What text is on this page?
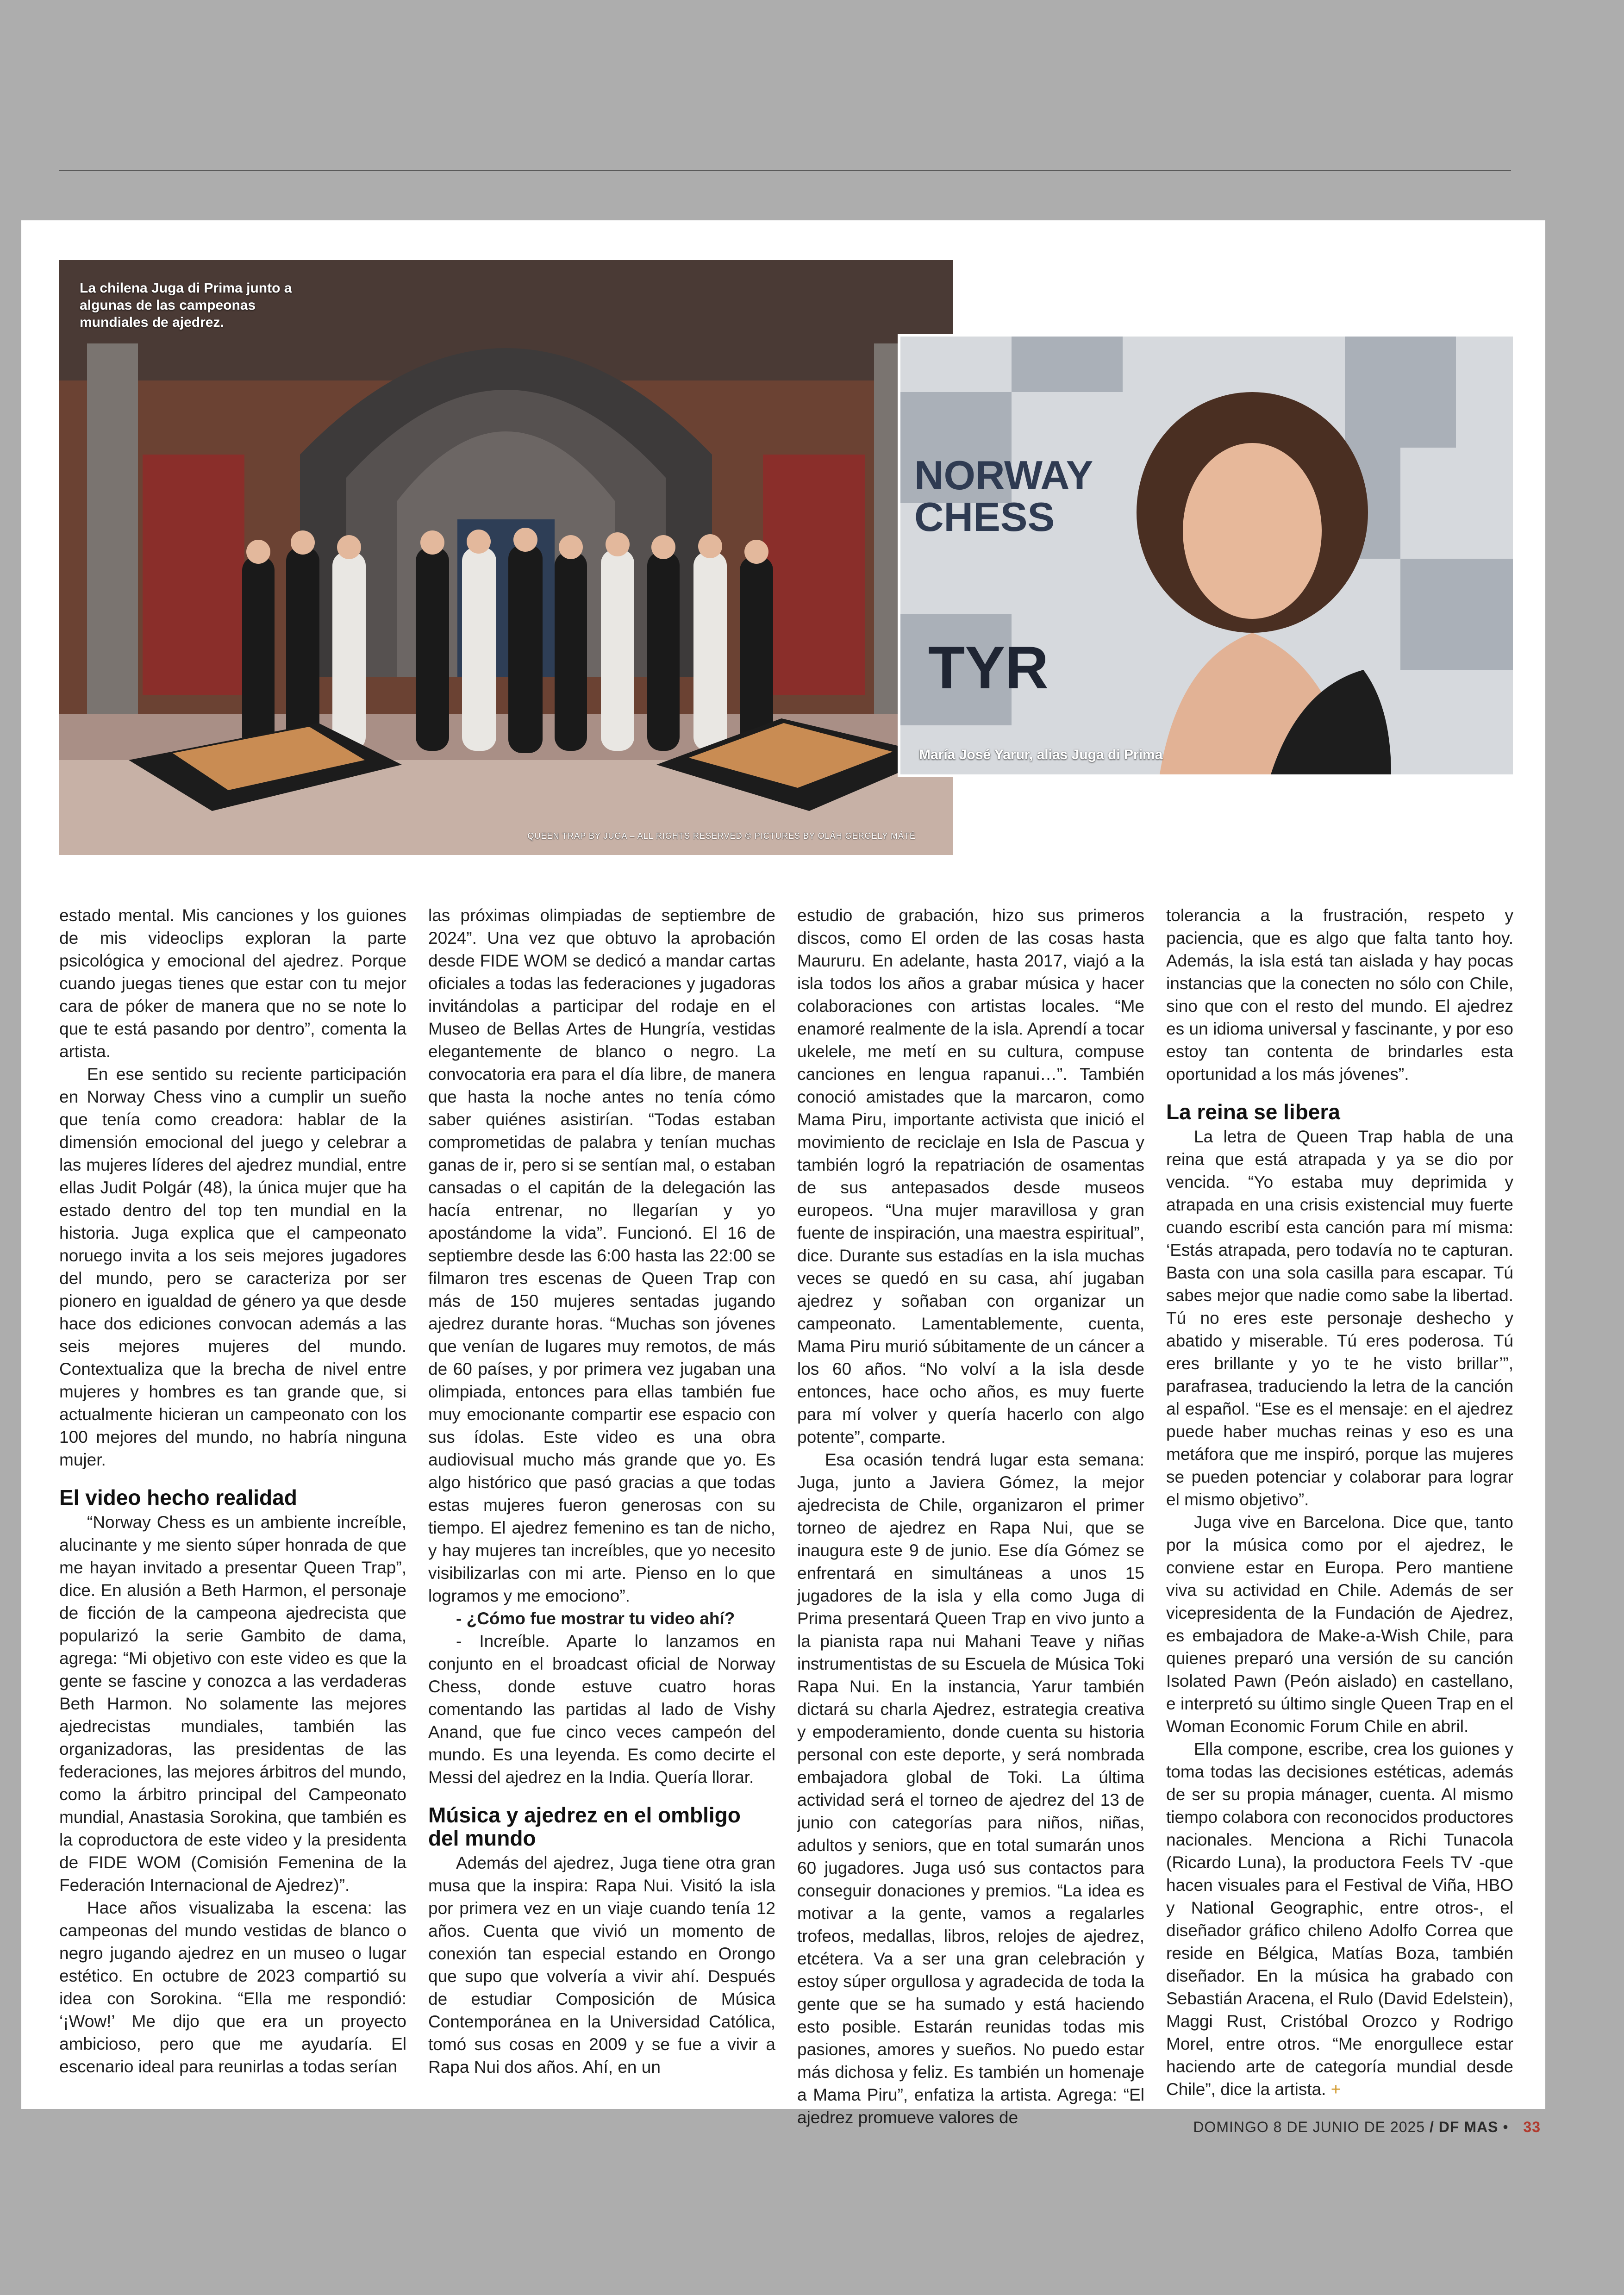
La chilena Juga di Prima junto a algunas de las campeonas mundiales de ajedrez.
QUEEN TRAP BY JUGA – ALL RIGHTS RESERVED © PICTURES BY OLÁH GERGELY MÁTÉ
NORWAY
CHESS
TYR
María José Yarur, alias Juga di Prima

estado mental. Mis canciones y los guiones de mis videoclips exploran la parte psicológica y emocional del ajedrez. Porque cuando juegas tienes que estar con tu mejor cara de póker de manera que no se note lo que te está pasando por dentro”, comenta la artista.

En ese sentido su reciente participación en Norway Chess vino a cumplir un sueño que tenía como creadora: hablar de la dimensión emocional del juego y celebrar a las mujeres líderes del ajedrez mundial, entre ellas Judit Polgár (48), la única mujer que ha estado dentro del top ten mundial en la historia. Juga explica que el campeonato noruego invita a los seis mejores jugadores del mundo, pero se caracteriza por ser pionero en igualdad de género ya que desde hace dos ediciones convocan además a las seis mejores mujeres del mundo. Contextualiza que la brecha de nivel entre mujeres y hombres es tan grande que, si actualmente hicieran un campeonato con los 100 mejores del mundo, no habría ninguna mujer.

El video hecho realidad

“Norway Chess es un ambiente increíble, alucinante y me siento súper honrada de que me hayan invitado a presentar Queen Trap”, dice. En alusión a Beth Harmon, el personaje de ficción de la campeona ajedrecista que popularizó la serie Gambito de dama, agrega: “Mi objetivo con este video es que la gente se fascine y conozca a las verdaderas Beth Harmon. No solamente las mejores ajedrecistas mundiales, también las organizadoras, las presidentas de las federaciones, las mejores árbitros del mundo, como la árbitro principal del Campeonato mundial, Anastasia Sorokina, que también es la coproductora de este video y la presidenta de FIDE WOM (Comisión Femenina de la Federación Internacional de Ajedrez)”.

Hace años visualizaba la escena: las campeonas del mundo vestidas de blanco o negro jugando ajedrez en un museo o lugar estético. En octubre de 2023 compartió su idea con Sorokina. “Ella me respondió: ‘¡Wow!’ Me dijo que era un proyecto ambicioso, pero que me ayudaría. El escenario ideal para reunirlas a todas serían

las próximas olimpiadas de septiembre de 2024”. Una vez que obtuvo la aprobación desde FIDE WOM se dedicó a mandar cartas oficiales a todas las federaciones y jugadoras invitándolas a participar del rodaje en el Museo de Bellas Artes de Hungría, vestidas elegantemente de blanco o negro. La convocatoria era para el día libre, de manera que hasta la noche antes no tenía cómo saber quiénes asistirían. “Todas estaban comprometidas de palabra y tenían muchas ganas de ir, pero si se sentían mal, o estaban cansadas o el capitán de la delegación las hacía entrenar, no llegarían y yo apostándome la vida”. Funcionó. El 16 de septiembre desde las 6:00 hasta las 22:00 se filmaron tres escenas de Queen Trap con más de 150 mujeres sentadas jugando ajedrez durante horas. “Muchas son jóvenes que venían de lugares muy remotos, de más de 60 países, y por primera vez jugaban una olimpiada, entonces para ellas también fue muy emocionante compartir ese espacio con sus ídolas. Este video es una obra audiovisual mucho más grande que yo. Es algo histórico que pasó gracias a que todas estas mujeres fueron generosas con su tiempo. El ajedrez femenino es tan de nicho, y hay mujeres tan increíbles, que yo necesito visibilizarlas con mi arte. Pienso en lo que logramos y me emociono”.

- ¿Cómo fue mostrar tu video ahí?

- Increíble. Aparte lo lanzamos en conjunto en el broadcast oficial de Norway Chess, donde estuve cuatro horas comentando las partidas al lado de Vishy Anand, que fue cinco veces campeón del mundo. Es una leyenda. Es como decirte el Messi del ajedrez en la India. Quería llorar.

Música y ajedrez en el ombligo del mundo

Además del ajedrez, Juga tiene otra gran musa que la inspira: Rapa Nui. Visitó la isla por primera vez en un viaje cuando tenía 12 años. Cuenta que vivió un momento de conexión tan especial estando en Orongo que supo que volvería a vivir ahí. Después de estudiar Composición de Música Contemporánea en la Universidad Católica, tomó sus cosas en 2009 y se fue a vivir a Rapa Nui dos años. Ahí, en un

estudio de grabación, hizo sus primeros discos, como El orden de las cosas hasta Maururu. En adelante, hasta 2017, viajó a la isla todos los años a grabar música y hacer colaboraciones con artistas locales. “Me enamoré realmente de la isla. Aprendí a tocar ukelele, me metí en su cultura, compuse canciones en lengua rapanui…”. También conoció amistades que la marcaron, como Mama Piru, importante activista que inició el movimiento de reciclaje en Isla de Pascua y también logró la repatriación de osamentas de sus antepasados desde museos europeos. “Una mujer maravillosa y gran fuente de inspiración, una maestra espiritual”, dice. Durante sus estadías en la isla muchas veces se quedó en su casa, ahí jugaban ajedrez y soñaban con organizar un campeonato. Lamentablemente, cuenta, Mama Piru murió súbitamente de un cáncer a los 60 años. “No volví a la isla desde entonces, hace ocho años, es muy fuerte para mí volver y quería hacerlo con algo potente”, comparte.

Esa ocasión tendrá lugar esta semana: Juga, junto a Javiera Gómez, la mejor ajedrecista de Chile, organizaron el primer torneo de ajedrez en Rapa Nui, que se inaugura este 9 de junio. Ese día Gómez se enfrentará en simultáneas a unos 15 jugadores de la isla y ella como Juga di Prima presentará Queen Trap en vivo junto a la pianista rapa nui Mahani Teave y niñas instrumentistas de su Escuela de Música Toki Rapa Nui. En la instancia, Yarur también dictará su charla Ajedrez, estrategia creativa y empoderamiento, donde cuenta su historia personal con este deporte, y será nombrada embajadora global de Toki. La última actividad será el torneo de ajedrez del 13 de junio con categorías para niños, niñas, adultos y seniors, que en total sumarán unos 60 jugadores. Juga usó sus contactos para conseguir donaciones y premios. “La idea es motivar a la gente, vamos a regalarles trofeos, medallas, libros, relojes de ajedrez, etcétera. Va a ser una gran celebración y estoy súper orgullosa y agradecida de toda la gente que se ha sumado y está haciendo esto posible. Estarán reunidas todas mis pasiones, amores y sueños. No puedo estar más dichosa y feliz. Es también un homenaje a Mama Piru”, enfatiza la artista. Agrega: “El ajedrez promueve valores de

tolerancia a la frustración, respeto y paciencia, que es algo que falta tanto hoy. Además, la isla está tan aislada y hay pocas instancias que la conecten no sólo con Chile, sino que con el resto del mundo. El ajedrez es un idioma universal y fascinante, y por eso estoy tan contenta de brindarles esta oportunidad a los más jóvenes”.

La reina se libera

La letra de Queen Trap habla de una reina que está atrapada y ya se dio por vencida. “Yo estaba muy deprimida y atrapada en una crisis existencial muy fuerte cuando escribí esta canción para mí misma: ‘Estás atrapada, pero todavía no te capturan. Basta con una sola casilla para escapar. Tú sabes mejor que nadie como sabe la libertad. Tú no eres este personaje deshecho y abatido y miserable. Tú eres poderosa. Tú eres brillante y yo te he visto brillar’”, parafrasea, traduciendo la letra de la canción al español. “Ese es el mensaje: en el ajedrez puede haber muchas reinas y eso es una metáfora que me inspiró, porque las mujeres se pueden potenciar y colaborar para lograr el mismo objetivo”.

Juga vive en Barcelona. Dice que, tanto por la música como por el ajedrez, le conviene estar en Europa. Pero mantiene viva su actividad en Chile. Además de ser vicepresidenta de la Fundación de Ajedrez, es embajadora de Make-a-Wish Chile, para quienes preparó una versión de su canción Isolated Pawn (Peón aislado) en castellano, e interpretó su último single Queen Trap en el Woman Economic Forum Chile en abril.

Ella compone, escribe, crea los guiones y toma todas las decisiones estéticas, además de ser su propia mánager, cuenta. Al mismo tiempo colabora con reconocidos productores nacionales. Menciona a Richi Tunacola (Ricardo Luna), la productora Feels TV -que hacen visuales para el Festival de Viña, HBO y National Geographic, entre otros-, el diseñador gráfico chileno Adolfo Correa que reside en Bélgica, Matías Boza, también diseñador. En la música ha grabado con Sebastián Aracena, el Rulo (David Edelstein), Maggi Rust, Cristóbal Orozco y Rodrigo Morel, entre otros. “Me enorgullece estar haciendo arte de categoría mundial desde Chile”, dice la artista. +

DOMINGO 8 DE JUNIO DE 2025 / DF MAS • 33
